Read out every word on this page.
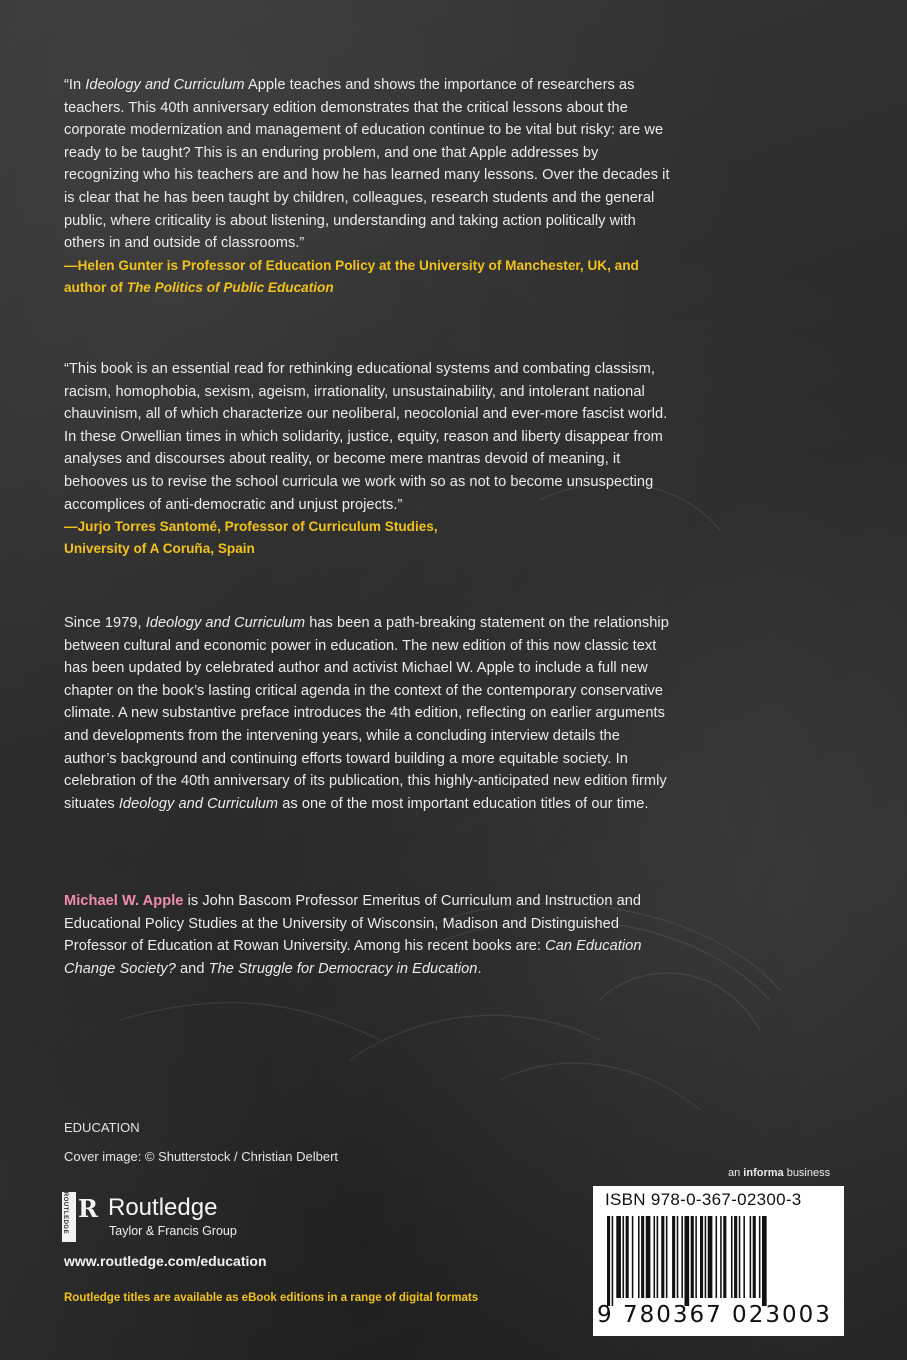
“In Ideology and Curriculum Apple teaches and shows the importance of researchers as teachers. This 40th anniversary edition demonstrates that the critical lessons about the corporate modernization and management of education continue to be vital but risky: are we ready to be taught? This is an enduring problem, and one that Apple addresses by recognizing who his teachers are and how he has learned many lessons. Over the decades it is clear that he has been taught by children, colleagues, research students and the general public, where criticality is about listening, understanding and taking action politically with others in and outside of classrooms.”

—Helen Gunter is Professor of Education Policy at the University of Manchester, UK, and author of The Politics of Public Education

“This book is an essential read for rethinking educational systems and combating classism, racism, homophobia, sexism, ageism, irrationality, unsustainability, and intolerant national chauvinism, all of which characterize our neoliberal, neocolonial and ever-more fascist world. In these Orwellian times in which solidarity, justice, equity, reason and liberty disappear from analyses and discourses about reality, or become mere mantras devoid of meaning, it behooves us to revise the school curricula we work with so as not to become unsuspecting accomplices of anti-democratic and unjust projects.”

—Jurjo Torres Santomé, Professor of Curriculum Studies,

University of A Coruña, Spain

Since 1979, Ideology and Curriculum has been a path-breaking statement on the relationship between cultural and economic power in education. The new edition of this now classic text has been updated by celebrated author and activist Michael W. Apple to include a full new chapter on the book’s lasting critical agenda in the context of the contemporary conservative climate. A new substantive preface introduces the 4th edition, reflecting on earlier arguments and developments from the intervening years, while a concluding interview details the author’s background and continuing efforts toward building a more equitable society. In celebration of the 40th anniversary of its publication, this highly-anticipated new edition firmly situates Ideology and Curriculum as one of the most important education titles of our time.

Michael W. Apple is John Bascom Professor Emeritus of Curriculum and Instruction and Educational Policy Studies at the University of Wisconsin, Madison and Distinguished Professor of Education at Rowan University. Among his recent books are: Can Education Change Society? and The Struggle for Democracy in Education.

EDUCATION
Cover image: © Shutterstock / Christian Delbert
ROUTLEDGE R Routledge
Taylor & Francis Group
www.routledge.com/education
Routledge titles are available as eBook editions in a range of digital formats
an informa business
ISBN 978-0-367-02300-3
9 780367 023003
